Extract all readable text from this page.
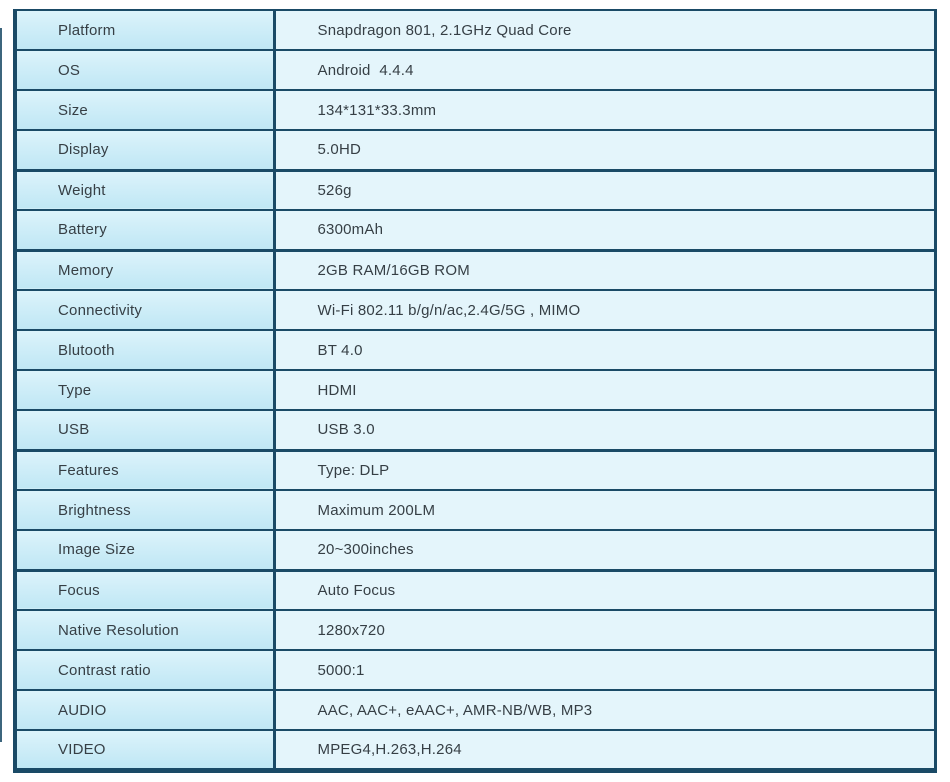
Platform	Snapdragon 801, 2.1GHz Quad Core
OS	Android  4.4.4
Size	134*131*33.3mm
Display	5.0HD
Weight	526g
Battery	6300mAh
Memory	2GB RAM/16GB ROM
Connectivity	Wi-Fi 802.11 b/g/n/ac,2.4G/5G , MIMO
Blutooth	BT 4.0
Type	HDMI
USB	USB 3.0
Features	Type: DLP
Brightness	Maximum 200LM
Image Size	20~300inches
Focus	Auto Focus
Native Resolution	1280x720
Contrast ratio	5000:1
AUDIO	AAC, AAC+, eAAC+, AMR-NB/WB, MP3
VIDEO	MPEG4,H.263,H.264
